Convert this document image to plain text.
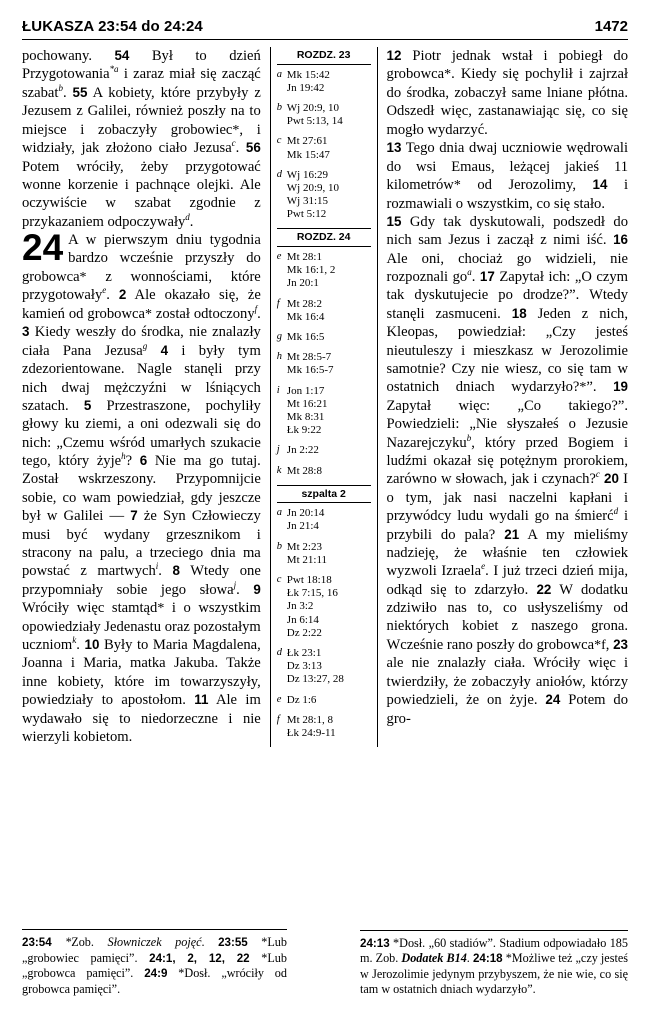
ŁUKASZA 23:54 do 24:24	1472

pochowany. 54 Był to dzień Przygotowania$^{*a}$ i zaraz miał się zacząć szabat$^b$. 55 A kobiety, które przybyły z Jezusem z Galilei, również poszły na to miejsce i zobaczyły grobowiec*, i widziały, jak złożono ciało Jezusa$^c$. 56 Potem wróciły, żeby przygotować wonne korzenie i pachnące olejki. Ale oczywiście w szabat zgodnie z przykazaniem odpoczywały$^d$.

24 A w pierwszym dniu tygodnia bardzo wcześnie przyszły do grobowca* z wonnościami, które przygotowały$^e$. 2 Ale okazało się, że kamień od grobowca* został odtoczony$^f$. 3 Kiedy weszły do środka, nie znalazły ciała Pana Jezusa$^g$ 4 i były tym zdezorientowane. Nagle stanęli przy nich dwaj mężczyźni w lśniących szatach. 5 Przestraszone, pochyliły głowy ku ziemi, a oni odezwali się do nich: „Czemu wśród umarłych szukacie tego, który żyje$^h$? 6 Nie ma go tutaj. Został wskrzeszony. Przypomnijcie sobie, co wam powiedział, gdy jeszcze był w Galilei — 7 że Syn Człowieczy musi być wydany grzesznikom i stracony na palu, a trzeciego dnia ma powstać z martwych$^i$. 8 Wtedy one przypomniały sobie jego słowa$^j$. 9 Wróciły więc stamtąd* i o wszystkim opowiedziały Jedenastu oraz pozostałym uczniom$^k$. 10 Były to Maria Magdalena, Joanna i Maria, matka Jakuba. Także inne kobiety, które im towarzyszyły, powiedziały to apostołom. 11 Ale im wydawało się to niedorzeczne i nie wierzyli kobietom.

ROZDZ. 23
a Mk 15:42
Jn 19:42
b Wj 20:9, 10
Pwt 5:13, 14
c Mt 27:61
Mk 15:47
d Wj 16:29
Wj 20:9, 10
Wj 31:15
Pwt 5:12
ROZDZ. 24
e Mt 28:1
Mk 16:1, 2
Jn 20:1
f Mt 28:2
Mk 16:4
g Mk 16:5
h Mt 28:5-7
Mk 16:5-7
i Jon 1:17
Mt 16:21
Mk 8:31
Łk 9:22
j Jn 2:22
k Mt 28:8
szpalta 2
a Jn 20:14
Jn 21:4
b Mt 2:23
Mt 21:11
c Pwt 18:18
Łk 7:15, 16
Jn 3:2
Jn 6:14
Dz 2:22
d Łk 23:1
Dz 3:13
Dz 13:27, 28
e Dz 1:6
f Mt 28:1, 8
Łk 24:9-11

12 Piotr jednak wstał i pobiegł do grobowca*. Kiedy się pochylił i zajrzał do środka, zobaczył same lniane płótna. Odszedł więc, zastanawiając się, co się mogło wydarzyć.

13 Tego dnia dwaj uczniowie wędrowali do wsi Emaus, leżącej jakieś 11 kilometrów* od Jerozolimy, 14 i rozmawiali o wszystkim, co się stało.

15 Gdy tak dyskutowali, podszedł do nich sam Jezus i zaczął z nimi iść. 16 Ale oni, chociaż go widzieli, nie rozpoznali go$^a$. 17 Zapytał ich: „O czym tak dyskutujecie po drodze?”. Wtedy stanęli zasmuceni. 18 Jeden z nich, Kleopas, powiedział: „Czy jesteś nieutuleszy i mieszkasz w Jerozolimie samotnie? Czy nie wiesz, co się tam w ostatnich dniach wydarzyło?*”. 19 Zapytał więc: „Co takiego?”. Powiedzieli: „Nie słyszałeś o Jezusie Nazarejczyku$^b$, który przed Bogiem i ludźmi okazał się potężnym prorokiem, zarówno w słowach, jak i czynach?$^c$ 20 I o tym, jak nasi naczelni kapłani i przywódcy ludu wydali go na śmierć$^d$ i przybili do pala? 21 A my mieliśmy nadzieję, że właśnie ten człowiek wyzwoli Izraela$^e$. I już trzeci dzień mija, odkąd się to zdarzyło. 22 W dodatku zdziwiło nas to, co usłyszeliśmy od niektórych kobiet z naszego grona. Wcześnie rano poszły do grobowca*f, 23 ale nie znalazły ciała. Wróciły więc i twierdziły, że zobaczyły aniołów, którzy powiedzieli, że on żyje. 24 Potem do gro-

23:54 *Zob. Słowniczek pojęć. 23:55 *Lub „grobowiec pamięci”. 24:1, 2, 12, 22 *Lub „grobowca pamięci”. 24:9 *Dosł. „wróciły od grobowca pamięci”.
24:13 *Dosł. „60 stadiów”. Stadium odpowiadało 185 m. Zob. Dodatek B14. 24:18 *Możliwe też „czy jesteś w Jerozolimie jedynym przybyszem, że nie wie, co się tam w ostatnich dniach wydarzyło”.
